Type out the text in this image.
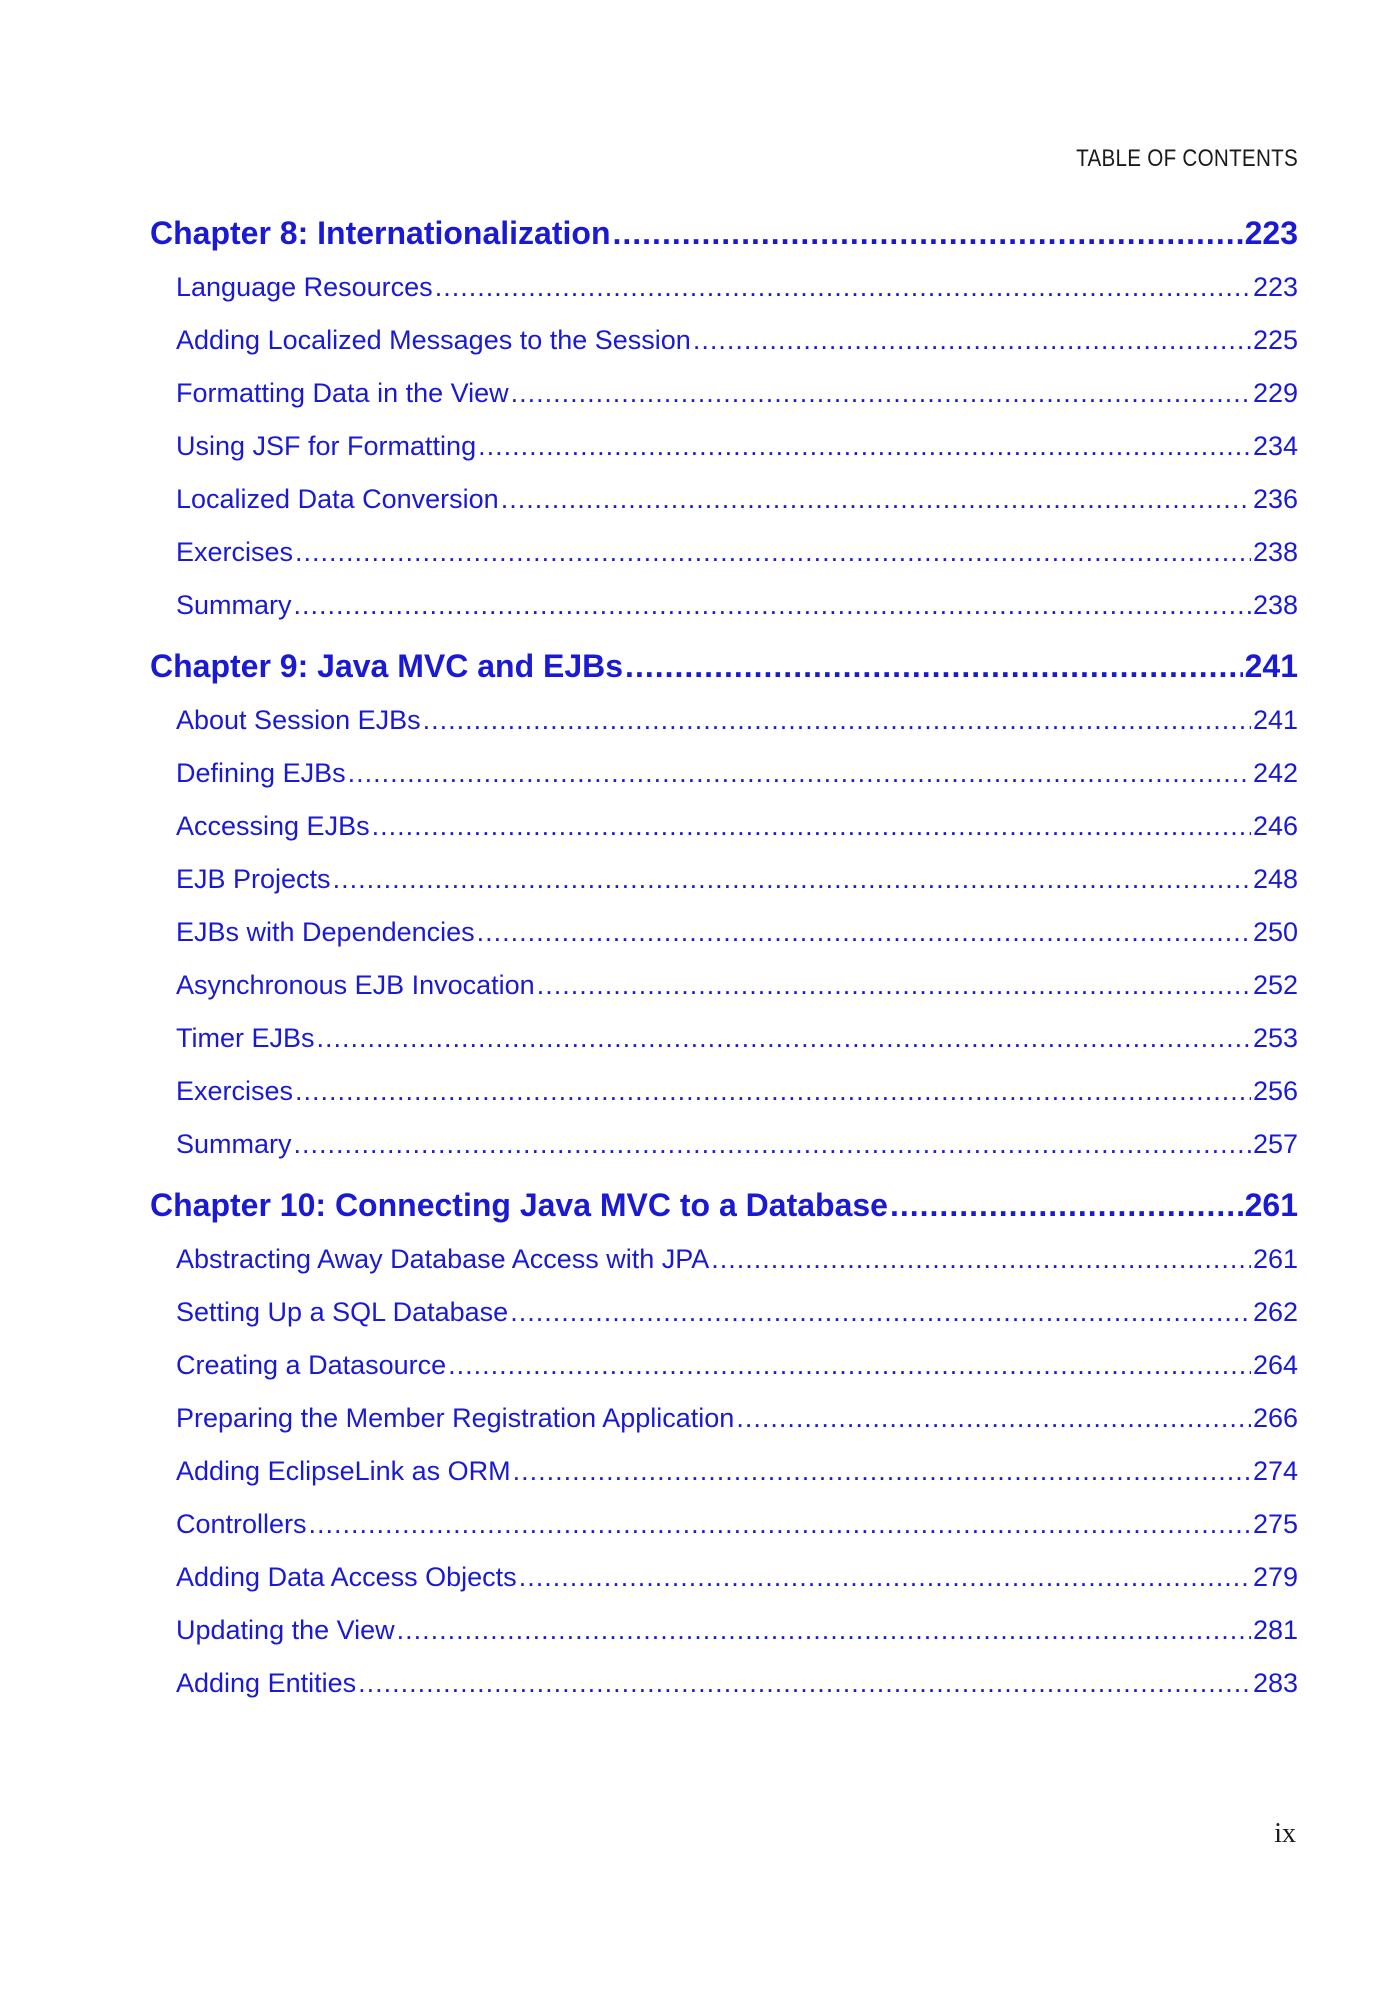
TABLE OF CONTENTS
Chapter 8: Internationalization .....	223
Language Resources .....	223
Adding Localized Messages to the Session .....	225
Formatting Data in the View .....	229
Using JSF for Formatting .....	234
Localized Data Conversion .....	236
Exercises .....	238
Summary .....	238
Chapter 9: Java MVC and EJBs .....	241
About Session EJBs .....	241
Defining EJBs .....	242
Accessing EJBs .....	246
EJB Projects .....	248
EJBs with Dependencies .....	250
Asynchronous EJB Invocation .....	252
Timer EJBs .....	253
Exercises .....	256
Summary .....	257
Chapter 10: Connecting Java MVC to a Database .....	261
Abstracting Away Database Access with JPA .....	261
Setting Up a SQL Database .....	262
Creating a Datasource .....	264
Preparing the Member Registration Application .....	266
Adding EclipseLink as ORM .....	274
Controllers .....	275
Adding Data Access Objects .....	279
Updating the View .....	281
Adding Entities .....	283
ix
